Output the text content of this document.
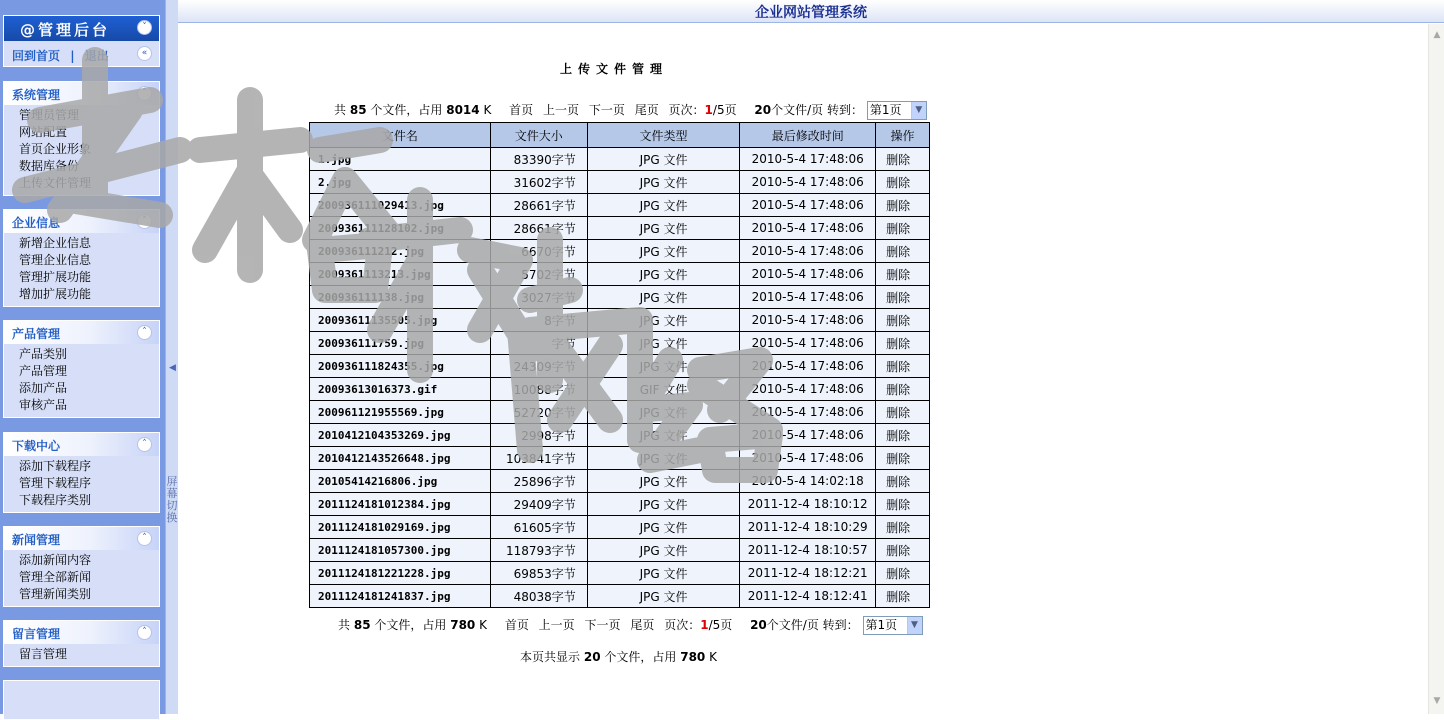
@管理后台	˅
回到首页 | 退出	«
系统管理	˄
管理员管理
网站配置
首页企业形象
数据库备份
上传文件管理
企业信息	˄
新增企业信息
管理企业信息
管理扩展功能
增加扩展功能
产品管理	˄
产品类别
产品管理
添加产品
审核产品
下载中心	˄
添加下载程序
管理下载程序
下载程序类别
新闻管理	˄
添加新闻内容
管理全部新闻
管理新闻类别
留言管理	˄
留言管理
◀
屏幕切换
企业网站管理系统
上传文件管理
共 85 个文件，占用 8014 K 首页 上一页 下一页 尾页 页次：1/5页 20个文件/页 转到： 第1页	▼
文件名	文件大小	文件类型	最后修改时间	操作
1.jpg	83390字节	JPG 文件	2010-5-4 17:48:06	删除
2.jpg	31602字节	JPG 文件	2010-5-4 17:48:06	删除
200936111029413.jpg	28661字节	JPG 文件	2010-5-4 17:48:06	删除
200936111128102.jpg	28661字节	JPG 文件	2010-5-4 17:48:06	删除
200936111212.jpg	6670字节	JPG 文件	2010-5-4 17:48:06	删除
2009361113213.jpg	5702字节	JPG 文件	2010-5-4 17:48:06	删除
200936111138.jpg	3027字节	JPG 文件	2010-5-4 17:48:06	删除
20093611135505.jpg	8字节	JPG 文件	2010-5-4 17:48:06	删除
200936111759.jpg	字节	JPG 文件	2010-5-4 17:48:06	删除
200936111824355.jpg	24309字节	JPG 文件	2010-5-4 17:48:06	删除
20093613016373.gif	10088字节	GIF 文件	2010-5-4 17:48:06	删除
200961121955569.jpg	52720字节	JPG 文件	2010-5-4 17:48:06	删除
2010412104353269.jpg	2998字节	JPG 文件	2010-5-4 17:48:06	删除
2010412143526648.jpg	103841字节	JPG 文件	2010-5-4 17:48:06	删除
20105414216806.jpg	25896字节	JPG 文件	2010-5-4 14:02:18	删除
2011124181012384.jpg	29409字节	JPG 文件	2011-12-4 18:10:12	删除
2011124181029169.jpg	61605字节	JPG 文件	2011-12-4 18:10:29	删除
2011124181057300.jpg	118793字节	JPG 文件	2011-12-4 18:10:57	删除
2011124181221228.jpg	69853字节	JPG 文件	2011-12-4 18:12:21	删除
2011124181241837.jpg	48038字节	JPG 文件	2011-12-4 18:12:41	删除
共 85 个文件，占用 780 K 首页 上一页 下一页 尾页 页次：1/5页 20个文件/页 转到： 第1页	▼
本页共显示 20 个文件，占用 780 K
▲
▼
